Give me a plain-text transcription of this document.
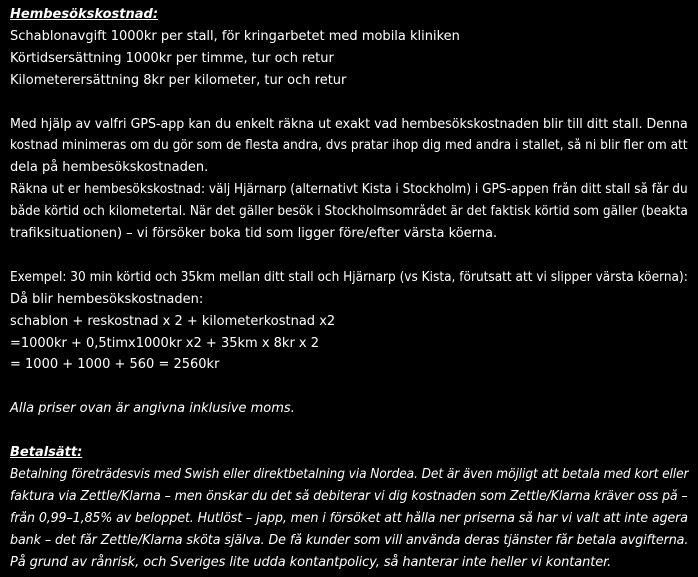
Hembesökskostnad:
Schablonavgift 1000kr per stall, för kringarbetet med mobila kliniken
Körtidsersättning 1000kr per timme, tur och retur
Kilometerersättning 8kr per kilometer, tur och retur
Med hjälp av valfri GPS-app kan du enkelt räkna ut exakt vad hembesökskostnaden blir till ditt stall. Denna
kostnad minimeras om du gör som de flesta andra, dvs pratar ihop dig med andra i stallet, så ni blir fler om att
dela på hembesökskostnaden.
Räkna ut er hembesökskostnad: välj Hjärnarp (alternativt Kista i Stockholm) i GPS-appen från ditt stall så får du
både körtid och kilometertal. När det gäller besök i Stockholmsområdet är det faktisk körtid som gäller (beakta
trafiksituationen) – vi försöker boka tid som ligger före/efter värsta köerna.
Exempel: 30 min körtid och 35km mellan ditt stall och Hjärnarp (vs Kista, förutsatt att vi slipper värsta köerna):
Då blir hembesökskostnaden:
schablon + reskostnad x 2 + kilometerkostnad x2
=1000kr + 0,5timx1000kr x2 + 35km x 8kr x 2
= 1000 + 1000 + 560 = 2560kr
Alla priser ovan är angivna inklusive moms.
Betalsätt:
Betalning företrädesvis med Swish eller direktbetalning via Nordea. Det är även möjligt att betala med kort eller
faktura via Zettle/Klarna – men önskar du det så debiterar vi dig kostnaden som Zettle/Klarna kräver oss på –
från 0,99–1,85% av beloppet. Hutlöst – japp, men i försöket att hålla ner priserna så har vi valt att inte agera
bank – det får Zettle/Klarna sköta själva. De få kunder som vill använda deras tjänster får betala avgifterna.
På grund av rånrisk, och Sveriges lite udda kontantpolicy, så hanterar inte heller vi kontanter.
